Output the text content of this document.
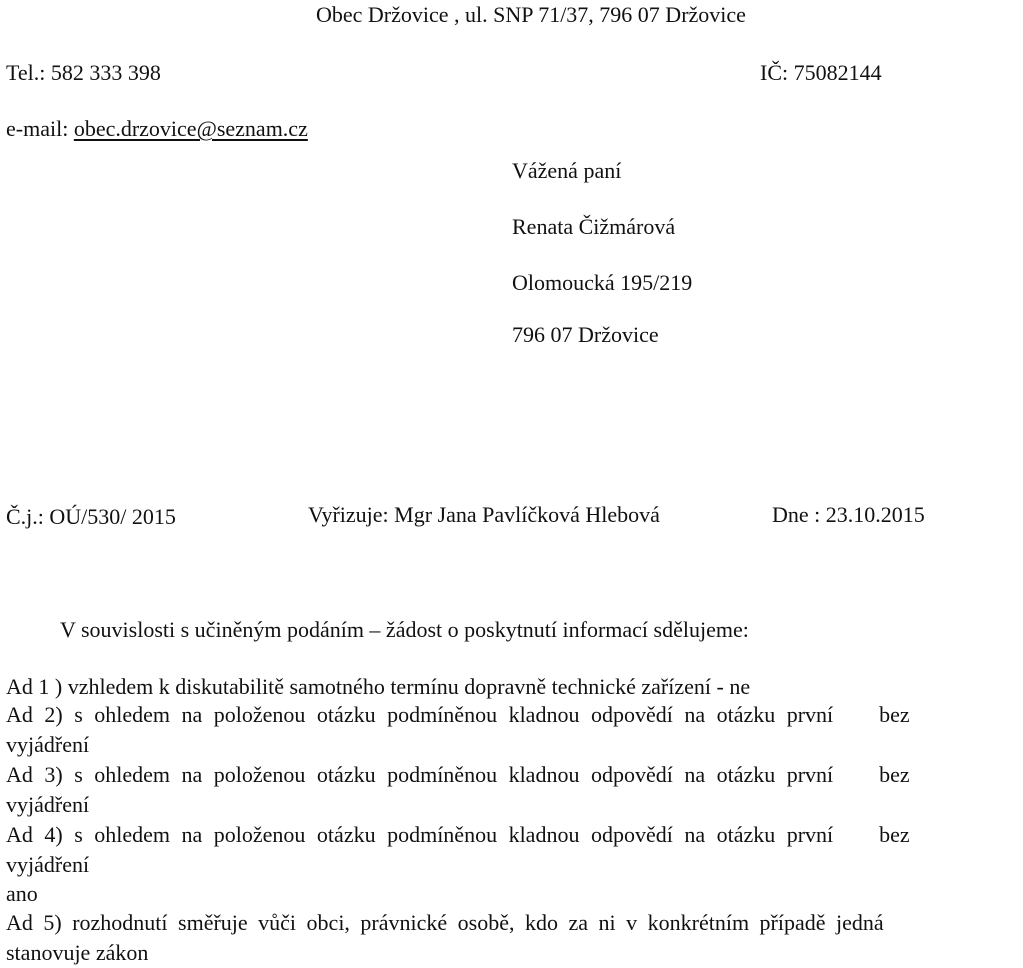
Obec Držovice , ul. SNP 71/37, 796 07 Držovice
Tel.: 582 333 398	IČ: 75082144
e-mail: obec.drzovice@seznam.cz
Vážená paní
Renata Čižmárová
Olomoucká 195/219
796 07 Držovice
Č.j.: OÚ/530/ 2015	Vyřizuje: Mgr Jana Pavlíčková Hlebová	Dne : 23.10.2015
V souvislosti s učiněným podáním – žádost o poskytnutí informací sdělujeme:
Ad 1 ) vzhledem k diskutabilitě samotného termínu dopravně technické zařízení - ne
Ad 2) s ohledem na položenou otázku podmíněnou kladnou odpovědí na otázku první    bez
vyjádření
Ad 3) s ohledem na položenou otázku podmíněnou kladnou odpovědí na otázku první    bez
vyjádření
Ad 4) s ohledem na položenou otázku podmíněnou kladnou odpovědí na otázku první    bez
vyjádření
ano
Ad 5) rozhodnutí směřuje vůči obci, právnické osobě, kdo za ni v konkrétním případě jedná
stanovuje zákon
